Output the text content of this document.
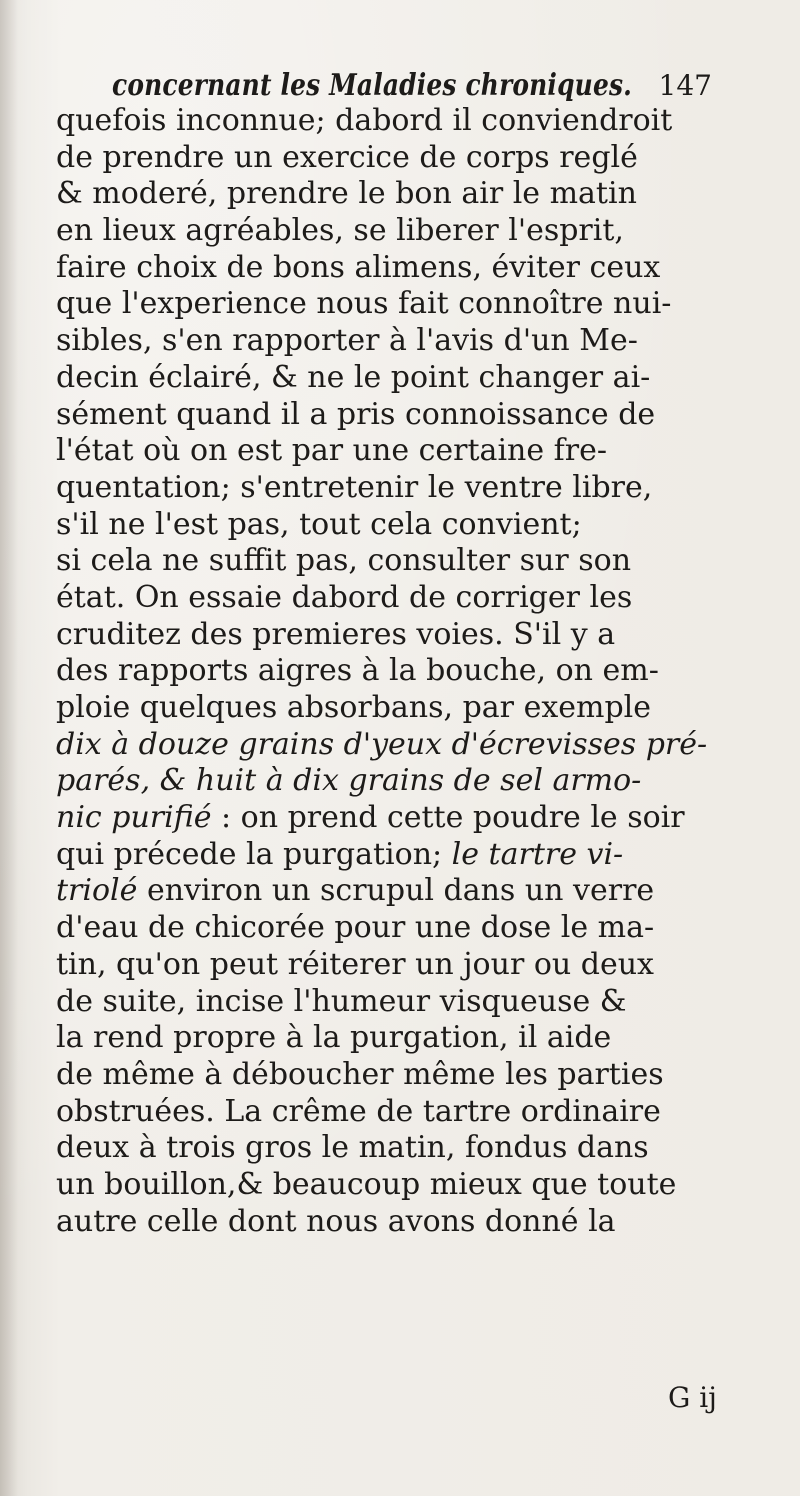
concernant les Maladies chroniques. 147
quefois inconnue; dabord il conviendroit
de prendre un exercice de corps reglé
& moderé, prendre le bon air le matin
en lieux agréables, se liberer l'esprit,
faire choix de bons alimens, éviter ceux
que l'experience nous fait connoître nui-
sibles, s'en rapporter à l'avis d'un Me-
decin éclairé, & ne le point changer ai-
sément quand il a pris connoissance de
l'état où on est par une certaine fre-
quentation; s'entretenir le ventre libre,
s'il ne l'est pas, tout cela convient;
si cela ne suffit pas, consulter sur son
état. On essaie dabord de corriger les
cruditez des premieres voies. S'il y a
des rapports aigres à la bouche, on em-
ploie quelques absorbans, par exemple
dix à douze grains d'yeux d'écrevisses pré-
parés, & huit à dix grains de sel armo-
nic purifié : on prend cette poudre le soir
qui précede la purgation; le tartre vi-
triolé environ un scrupul dans un verre
d'eau de chicorée pour une dose le ma-
tin, qu'on peut réiterer un jour ou deux
de suite, incise l'humeur visqueuse &
la rend propre à la purgation, il aide
de même à déboucher même les parties
obstruées. La crême de tartre ordinaire
deux à trois gros le matin, fondus dans
un bouillon,& beaucoup mieux que toute
autre celle dont nous avons donné la
G ij
